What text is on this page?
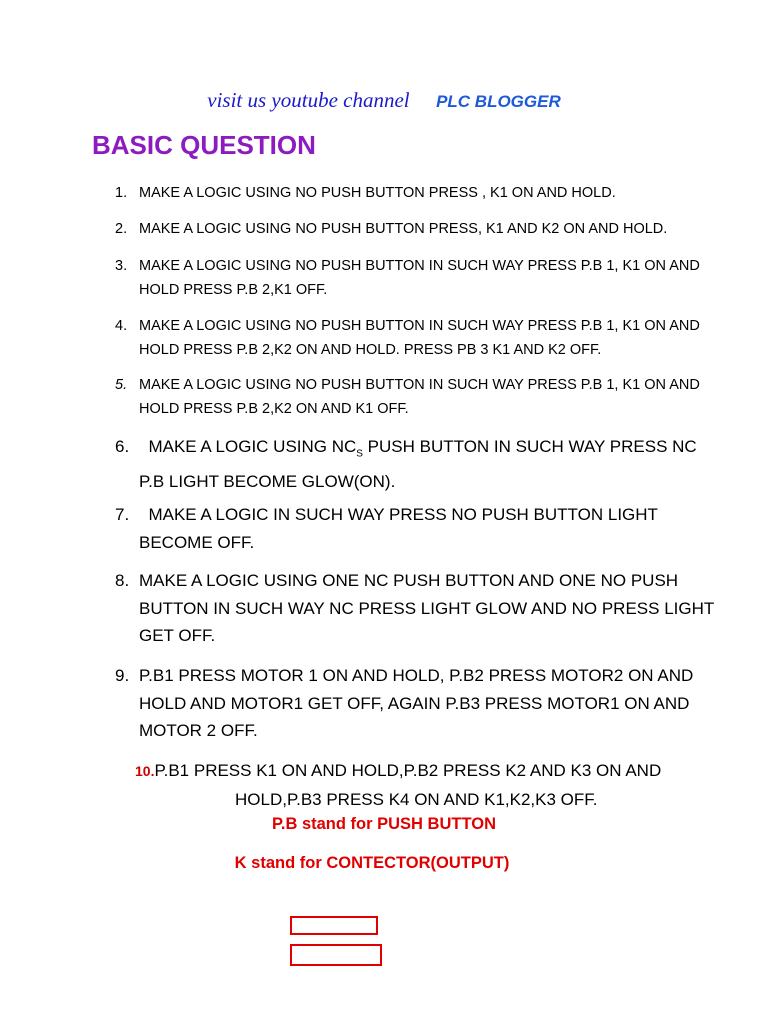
visit us youtube channel PLC BLOGGER
BASIC QUESTION
1. MAKE A LOGIC USING NO PUSH BUTTON PRESS , K1 ON AND HOLD.
2. MAKE A LOGIC USING NO PUSH BUTTON PRESS, K1 AND K2 ON AND HOLD.
3. MAKE A LOGIC USING NO PUSH BUTTON IN SUCH WAY PRESS P.B 1, K1 ON AND HOLD PRESS P.B 2,K1 OFF.
4. MAKE A LOGIC USING NO PUSH BUTTON IN SUCH WAY PRESS P.B 1, K1 ON AND HOLD PRESS P.B 2,K2 ON AND HOLD. PRESS PB 3 K1 AND K2 OFF.
5. MAKE A LOGIC USING NO PUSH BUTTON IN SUCH WAY PRESS P.B 1, K1 ON AND HOLD PRESS P.B 2,K2 ON AND K1 OFF.
6.	MAKE A LOGIC USING $NC_S$ PUSH BUTTON IN SUCH WAY PRESS NC P.B LIGHT BECOME GLOW(ON).
7.	MAKE A LOGIC IN SUCH WAY PRESS NO PUSH BUTTON LIGHT BECOME OFF.
8. MAKE A LOGIC USING ONE NC PUSH BUTTON AND ONE NO PUSH BUTTON IN SUCH WAY NC PRESS LIGHT GLOW AND NO PRESS LIGHT GET OFF.
9. P.B1 PRESS MOTOR 1 ON AND HOLD, P.B2 PRESS MOTOR2 ON AND HOLD AND MOTOR1 GET OFF, AGAIN P.B3 PRESS MOTOR1 ON AND MOTOR 2 OFF.
10.P.B1 PRESS K1 ON AND HOLD,P.B2 PRESS K2 AND K3 ON AND
HOLD,P.B3 PRESS K4 ON AND K1,K2,K3 OFF.
P.B stand for PUSH BUTTON
K stand for CONTECTOR(OUTPUT)
